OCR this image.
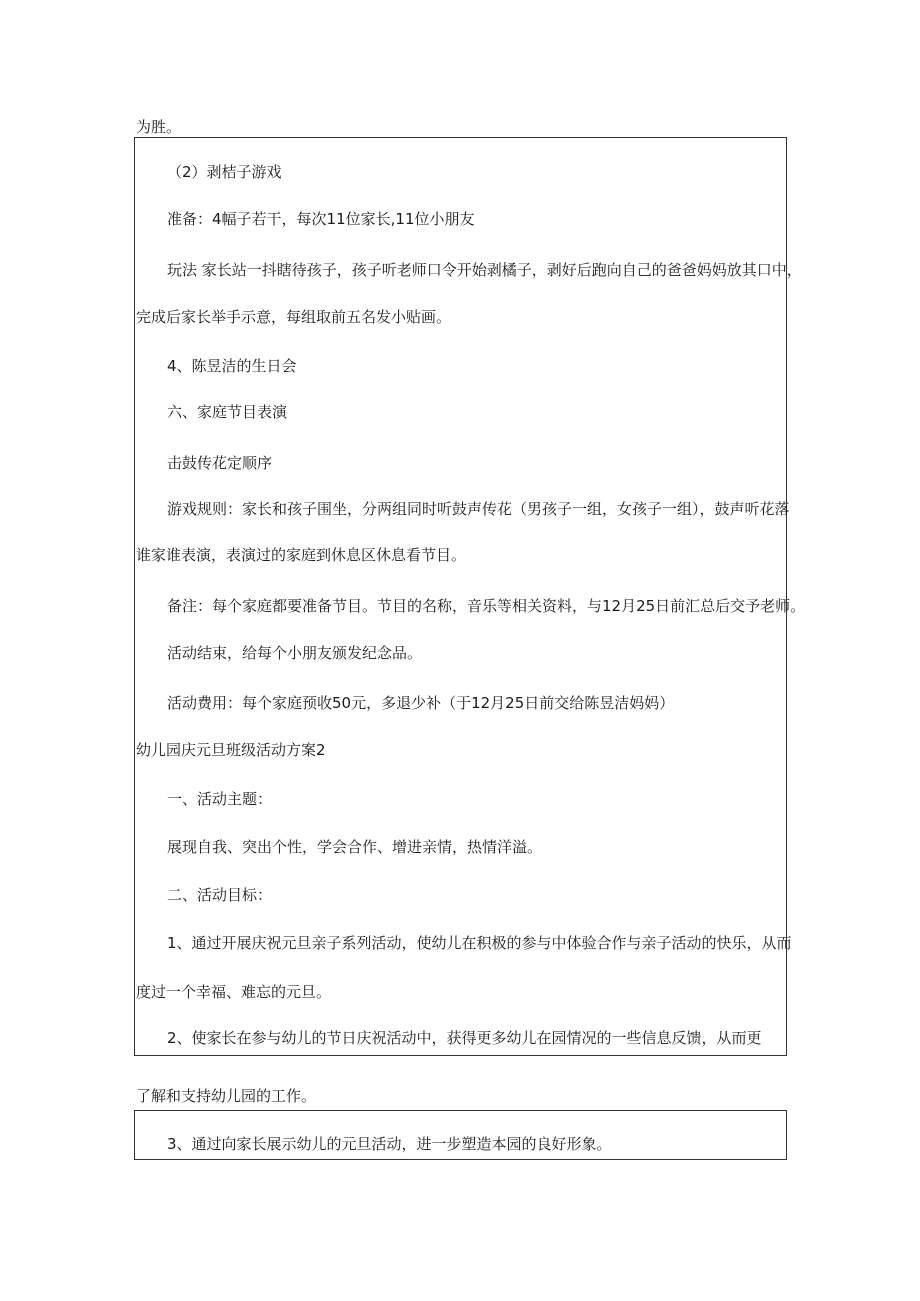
为胜。

（2）剥桔子游戏

准备：4幅子若干，每次11位家长,11位小朋友

玩法 家长站一抖瞎待孩子，孩子听老师口令开始剥橘子，剥好后跑向自己的爸爸妈妈放其口中，

完成后家长举手示意，每组取前五名发小贴画。

4、陈昱洁的生日会

六、家庭节目表演

击鼓传花定顺序

游戏规则：家长和孩子围坐，分两组同时听鼓声传花（男孩子一组，女孩子一组），鼓声听花落

谁家谁表演，表演过的家庭到休息区休息看节目。

备注：每个家庭都要准备节目。节目的名称，音乐等相关资料，与12月25日前汇总后交予老师。

活动结束，给每个小朋友颁发纪念品。

活动费用：每个家庭预收50元，多退少补（于12月25日前交给陈昱洁妈妈）

幼儿园庆元旦班级活动方案2

一、活动主题：

展现自我、突出个性，学会合作、增进亲情，热情洋溢。

二、活动目标：

1、通过开展庆祝元旦亲子系列活动，使幼儿在积极的参与中体验合作与亲子活动的快乐，从而

度过一个幸福、难忘的元旦。

2、使家长在参与幼儿的节日庆祝活动中，获得更多幼儿在园情况的一些信息反馈，从而更

了解和支持幼儿园的工作。

3、通过向家长展示幼儿的元旦活动，进一步塑造本园的良好形象。
